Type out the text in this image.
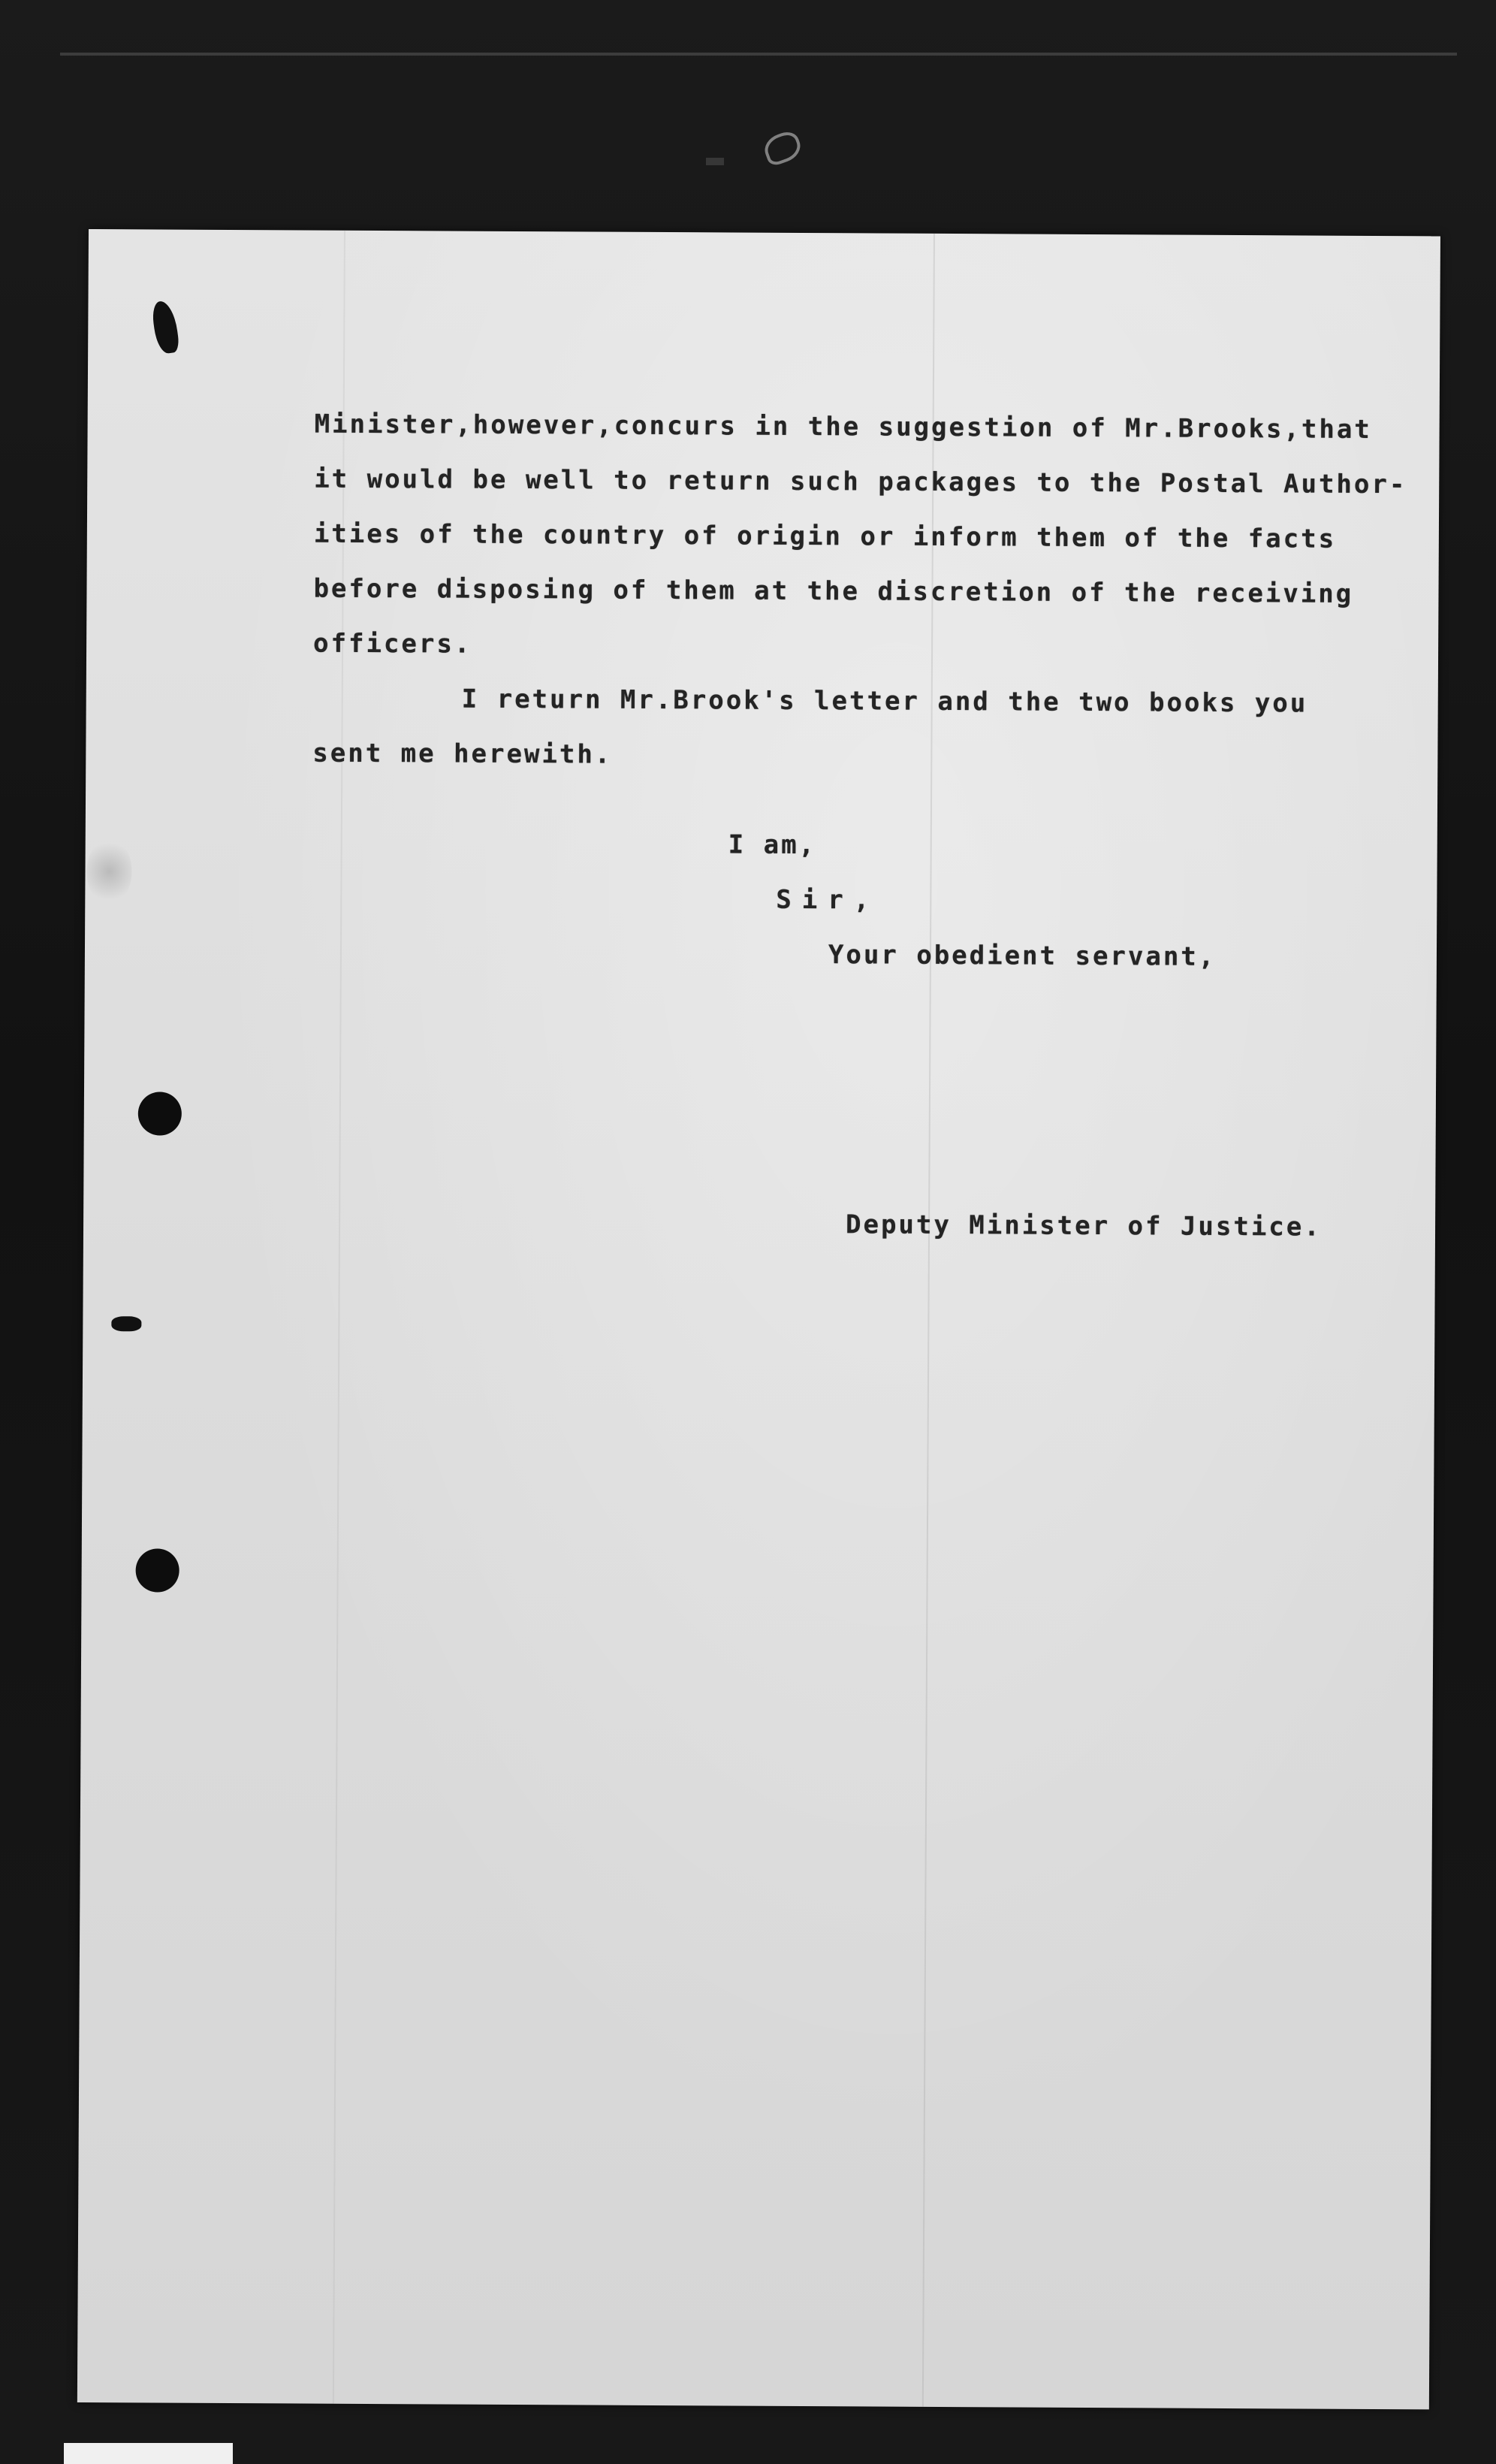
Minister,however,concurs in the suggestion of Mr.Brooks,that
it would be well to return such packages to the Postal Author-
ities of the country of origin or inform them of the facts
before disposing of them at the discretion of the receiving
officers.
I return Mr.Brook's letter and the two books you
sent me herewith.
I am,
Sir,
Your obedient servant,
Deputy Minister of Justice.
